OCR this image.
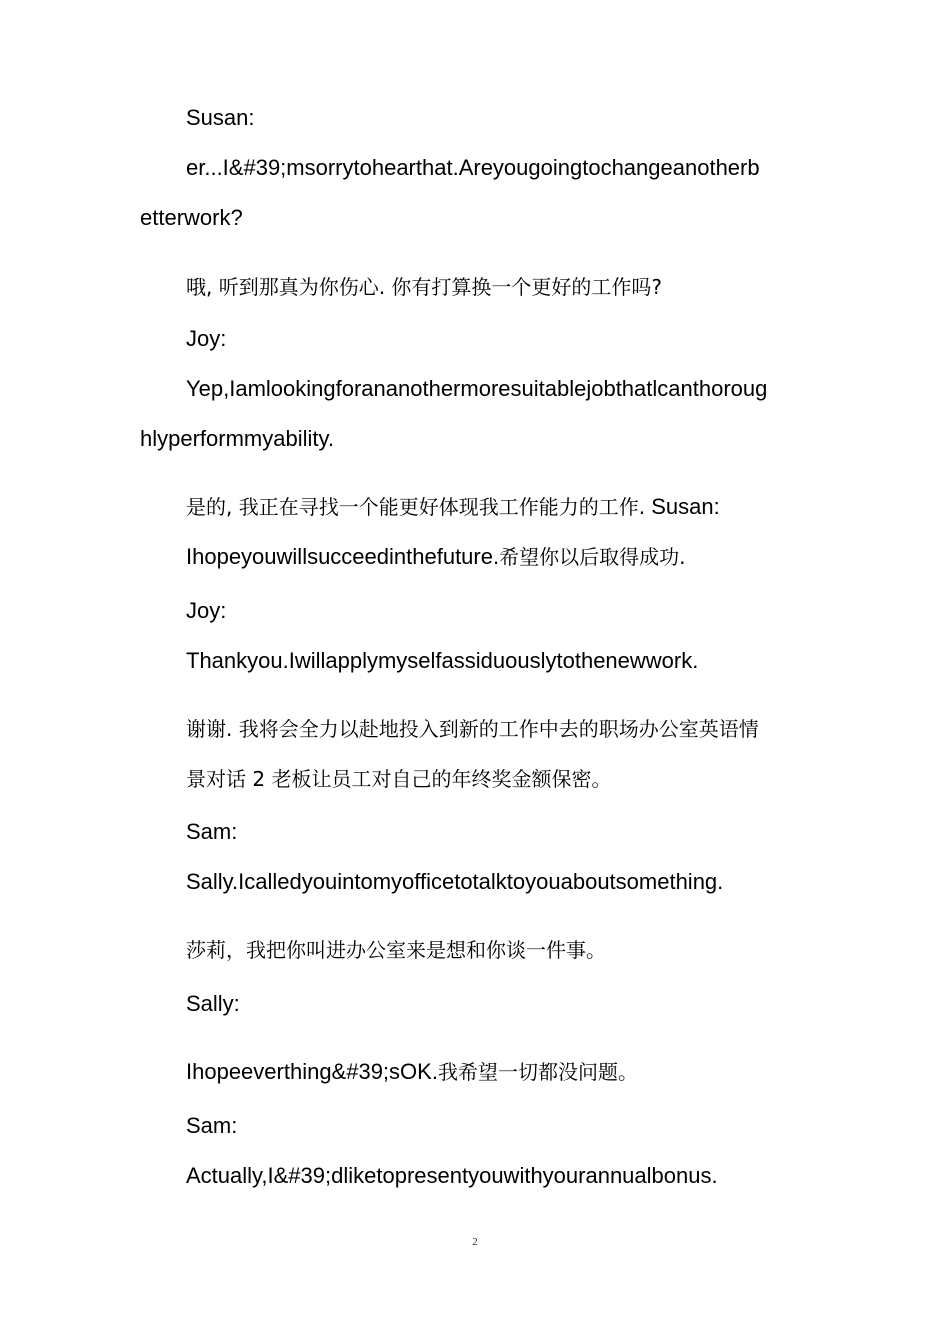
Susan:
er...I&#39;msorrytohearthat.Areyougoingtochangeanotherb
etterwork?
哦, 听到那真为你伤心. 你有打算换一个更好的工作吗?
Joy:
Yep,Iamlookingforananothermoresuitablejobthatlcanthoroug
hlyperformmyability.
是的, 我正在寻找一个能更好体现我工作能力的工作. Susan:
Ihopeyouwillsucceedinthefuture.希望你以后取得成功.
Joy:
Thankyou.Iwillapplymyselfassiduouslytothenewwork.
谢谢. 我将会全力以赴地投入到新的工作中去的职场办公室英语情
景对话 2 老板让员工对自己的年终奖金额保密。
Sam:
Sally.Icalledyouintomyofficetotalktoyouaboutsomething.
莎莉，我把你叫进办公室来是想和你谈一件事。
Sally:
Ihopeeverthing&#39;sOK.我希望一切都没问题。
Sam:
Actually,I&#39;dliketopresentyouwithyourannualbonus.
2
